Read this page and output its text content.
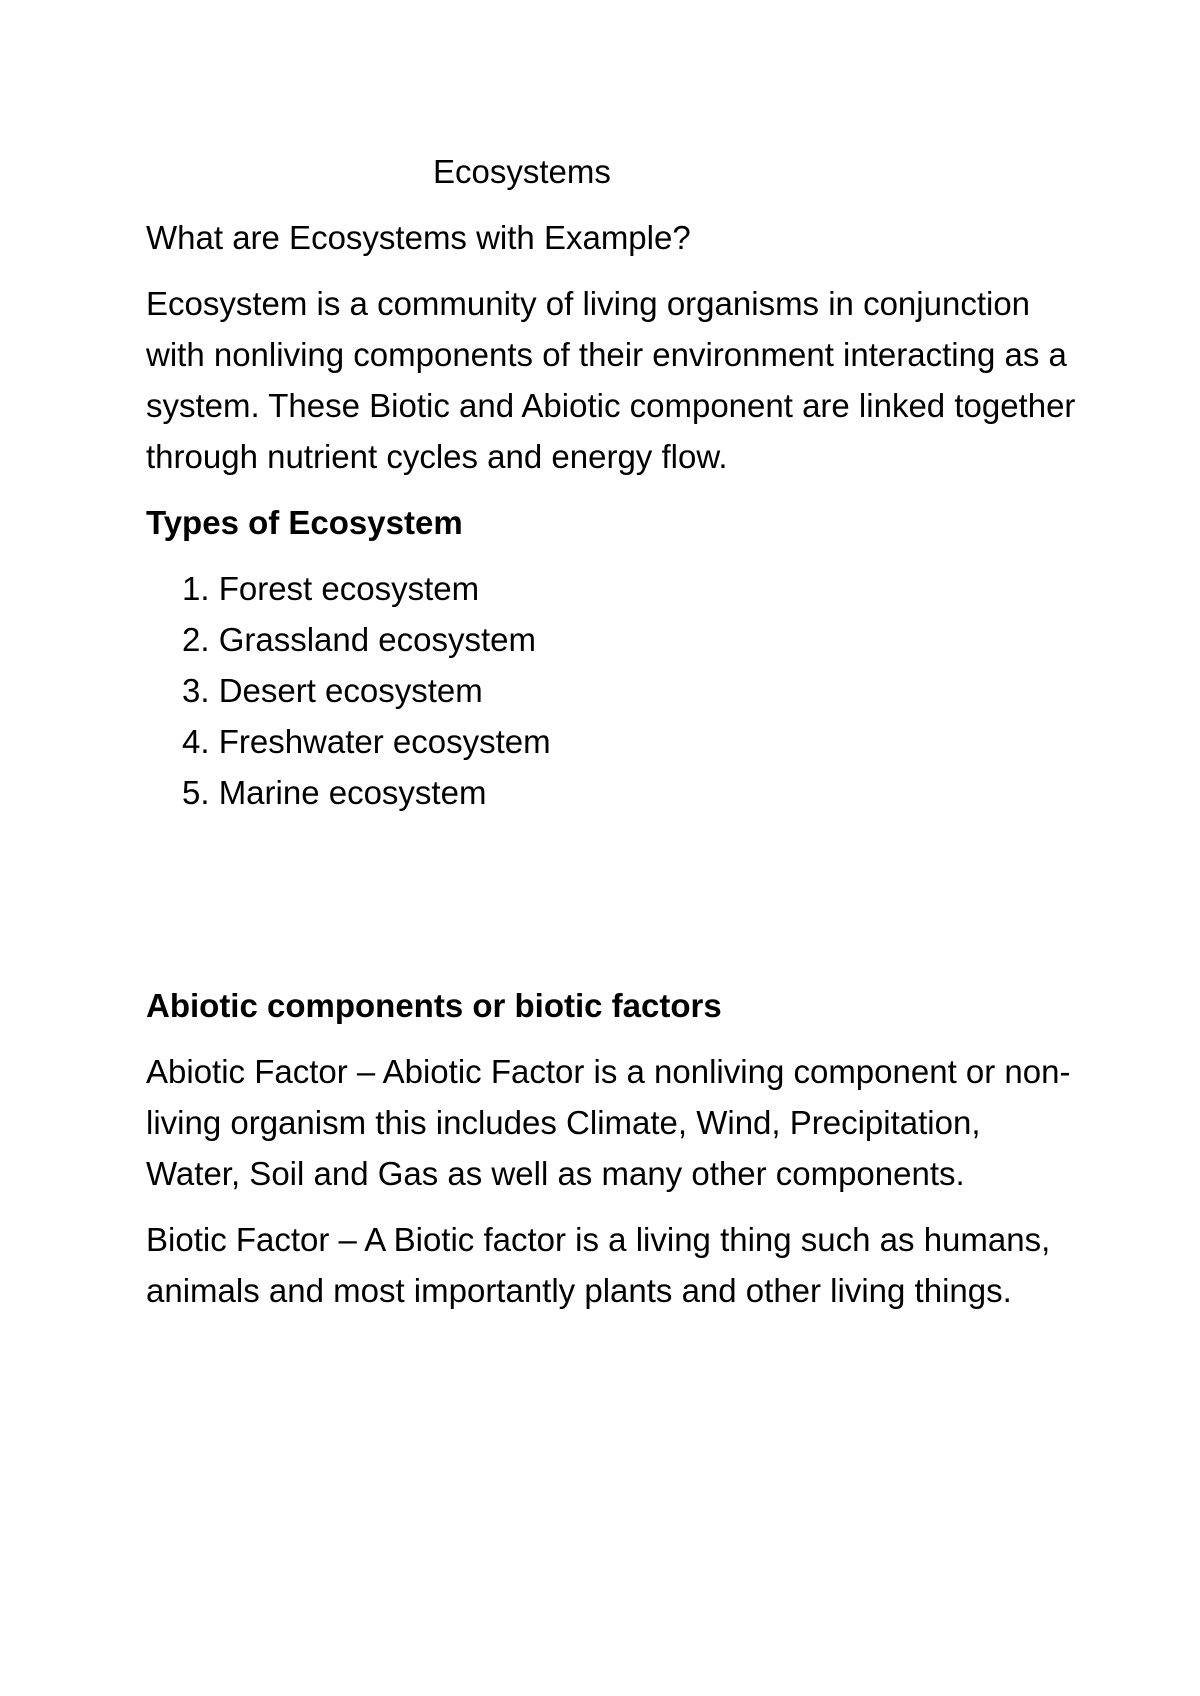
Ecosystems

What are Ecosystems with Example?

Ecosystem is a community of living organisms in conjunction with nonliving components of their environment interacting as a system. These Biotic and Abiotic component are linked together through nutrient cycles and energy flow.

Types of Ecosystem
1. Forest ecosystem
2. Grassland ecosystem
3. Desert ecosystem
4. Freshwater ecosystem
5. Marine ecosystem
Abiotic components or biotic factors

Abiotic Factor – Abiotic Factor is a nonliving component or non-living organism this includes Climate, Wind, Precipitation, Water, Soil and Gas as well as many other components.

Biotic Factor – A Biotic factor is a living thing such as humans, animals and most importantly plants and other living things.
